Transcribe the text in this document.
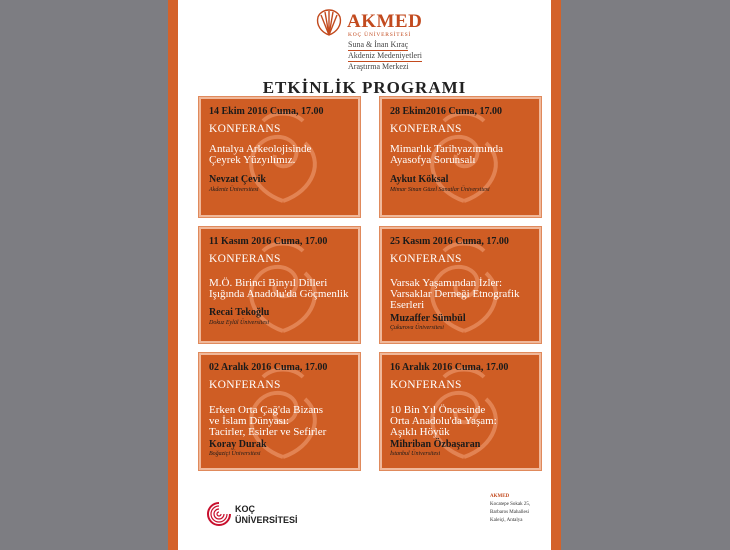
AKMED
KOÇ ÜNİVERSİTESİ
Suna & İnan Kıraç
Akdeniz Medeniyetleri
Araştırma Merkezi
ETKİNLİK PROGRAMI
14 Ekim 2016 Cuma, 17.00
KONFERANS
Antalya Arkeolojisinde
Çeyrek Yüzyılımız.
Nevzat Çevik
Akdeniz Üniversitesi
28 Ekim2016 Cuma, 17.00
KONFERANS
Mimarlık Tarihyazımında
Ayasofya Sorunsalı
Aykut Köksal
Mimar Sinan Güzel Sanatlar Üniversitesi
11 Kasım 2016 Cuma, 17.00
KONFERANS
M.Ö. Birinci Binyıl Dilleri
Işığında Anadolu'da Göçmenlik
Recai Tekoğlu
Dokuz Eylül Üniversitesi
25 Kasım 2016 Cuma, 17.00
KONFERANS
Varsak Yaşamından İzler:
Varsaklar Derneği Etnografik
Eserleri
Muzaffer Sümbül
Çukurova Üniversitesi
02 Aralık 2016 Cuma, 17.00
KONFERANS
Erken Orta Çağ'da Bizans
ve İslam Dünyası:
Tacirler, Esirler ve Sefirler
Koray Durak
Boğaziçi Üniversitesi
16 Aralık 2016 Cuma, 17.00
KONFERANS
10 Bin Yıl Öncesinde
Orta Anadolu'da Yaşam:
Aşıklı Höyük
Mihriban Özbaşaran
İstanbul Üniversitesi
KOÇ
ÜNİVERSİTESİ
AKMED
Kocatepe Sokak 25,
Barbaros Mahallesi
Kaleiçi, Antalya
